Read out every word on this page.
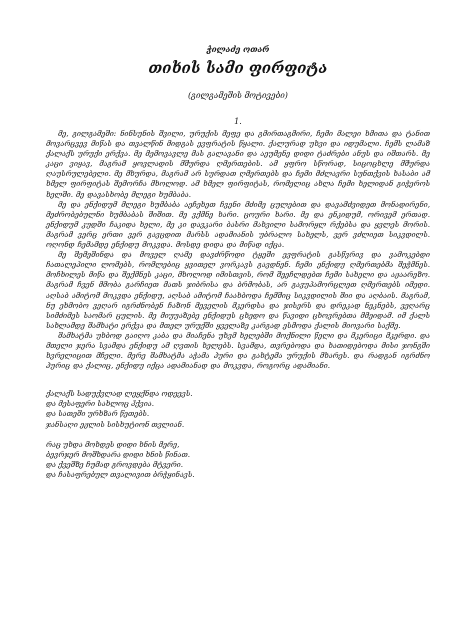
ჭილაძე ოთარ

თიხის სამი ფირფიტა

(გილგამეშის მოტივები)

1.

მე, გილგამეში: ნინსუნის შვილი, ურუქის მეფე და გმირთაგმირი, ჩემი მალეი ხმითა და ტანით მოვარცვევ მიწას და თვალწინ მიდგას ევფრატის წყალი. ქალურად უხვი და იდუმალი. ჩემს ლამაზ ქალაქს ურუქი ერქვა. მე მემოვავლე მას გალავანი და აეუმენე დიდი ტაძრები ანუს და იშთარს. მე კაცი ვიყავ, მაგრამ ყოვლადის მშურდა ღმერთების. ამ ყფრო სწორად, სიცოცხლე მშურდა ღაუსრულებელი. მე მხურდა, მაგრამ არ სურდათ ღმერთებს და ჩემი მძლავრი სუნთქვის ხასაბი ამ ხმელ ფირფიტას შემორჩა მხოლოდ. ამ ხმელ ფირფიტას, რომელიც ახლა ჩემი ხელიდან გიჭეროს ხელში. მე დავასხობე მლეგი ხუმბაბა.

მე და ენქიდუმ მლეგი ხუმბაბა აეჩეხეთ ჩვენი მძიმე ცულებით და დავამძვიდეთ მონადირენი, მეძრობებულნი ხუმბაბას შიშით. მე ვქმნე ხარი. ცოური ხარი. მე და ენკიდუმ, ორივემ ერთად. ენქიდუმ კუდში ჩაკიდა ხელი, მე კი დავკარი ბასრი მახვილი სამორყლ რქებსა და ყვლეს მორის. მაგრამ ვერც ერთი ვერ გავცდით მარსს ადამიანის უბრალო სახელს, ვერ ვძლიეთ სიკვდილს. ოღონდ ჩემამდე ენქიდუ მოკვდა. მოსდე დიდა და მიწად იქცა.

მე შემეშინდა და მოველ ღამე დავძრწოდი ტყეში ევფრატის გასწვრივ და ვამოკებდი ჩათალეპილი ლომებს, რომლებიც ყვითელ ვორკავს გავდნენ. ჩემი ენქიდუ ღმერთებმა შეჭმნეს. მოჩხილეს მიწა და შექმნეს კაცი, მხოლოდ იმისთვის, რომ შეეჩლდებთ ჩემი სახელი და აჟაარეზო. მაგრამ ჩვენ მმობა გარჩიეთ მათს ჯიბრისა და ბრმობას, არ გავუპამორცლეთ ღმერთებს იმედი. აღსაბ ამიტომ მოკვდა ენქიდუ, აღსაბ ამიტომ ჩაახბოდა ჩემშიც სიკვდილის შიი და აღბაის. მაგრამ, ნუ ეხმობო ვეღარ იგრძნობენ ჩაზონ მეველის მკერდსა და ჯისერს და დრეკად ნეკნებს, ვეღარც სიმძიმეს საომარ ცულის. მე მიუუაზებე ენქიდუს ცხედო და წავიდი ცხოვრებთა მმეიდამ. იმ ქალს სახლამდე შამხატი ერქვა და მთელ ურუქში ყველაზე კარგად ესმოდა ქალის მიოვარი საქმე.

შამხატმა უხბოდ გაიღო კაბა და მიაჩენა უხვმ ხელებში მოქნილი წელი და მკერიცი მკერდი. და მთელი ჯერა სვამდა ენქიდუ ამ ღვთის ხელებს. სვამდა, თვრებოდა და ხათიდებოდა მისი ჯონგში ხვრელიცით მჩელი. მერე შამხატმა აჭამა პური და გახტემა ურუქის მხარეს. და რადგან იგრძნო პურიც და ქალიც, ენქიდუ იქცა ადამიანად და მოკვდა, როგორც ადამიანი.

ქალაქს სადუქვლად ლეყქნდა ოდეევს.
და მესაფერი სახლოც ჰქვია.
და სათეში ურხზარ წეთებს.
ჯანსაღი ეჟლის სისხუტიონ თვლიან.
რაც უხდა მოხდეს დიდი ხნის მერე,
ბევრჯერ მოშხდარა დიდი ხნის წინათ.
და ქვეშზე ჩუმად გროვდება მტვერი.
და ჩასაფრებულ თვალივით ბრჭყინავს.
